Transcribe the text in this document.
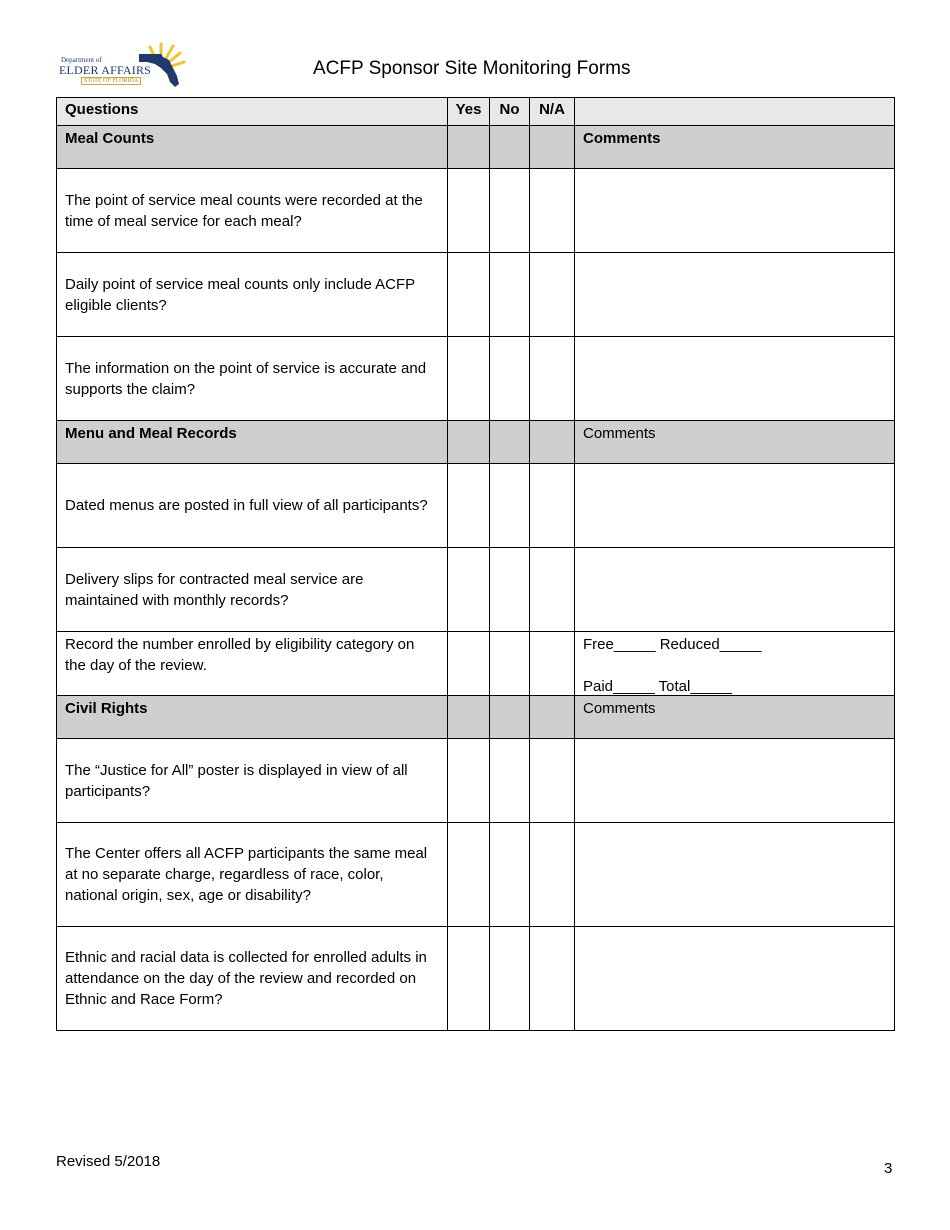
Department of
ELDER AFFAIRS
STATE OF FLORIDA
ACFP Sponsor Site Monitoring Forms
Questions	Yes	No	N/A	
Meal Counts				Comments
The point of service meal counts were recorded at the time of meal service for each meal?				
Daily point of service meal counts only include ACFP eligible clients?				
The information on the point of service is accurate and supports the claim?				
Menu and Meal Records				Comments
Dated menus are posted in full view of all participants?				
Delivery slips for contracted meal service are maintained with monthly records?				
Record the number enrolled by eligibility category on the day of the review.				Free_____ Reduced_____
Paid_____ Total_____

Civil Rights				Comments
The “Justice for All” poster is displayed in view of all participants?				
The Center offers all ACFP participants the same meal at no separate charge, regardless of race, color, national origin, sex, age or disability?				
Ethnic and racial data is collected for enrolled adults in attendance on the day of the review and recorded on Ethnic and Race Form?				
3
Revised 5/2018
